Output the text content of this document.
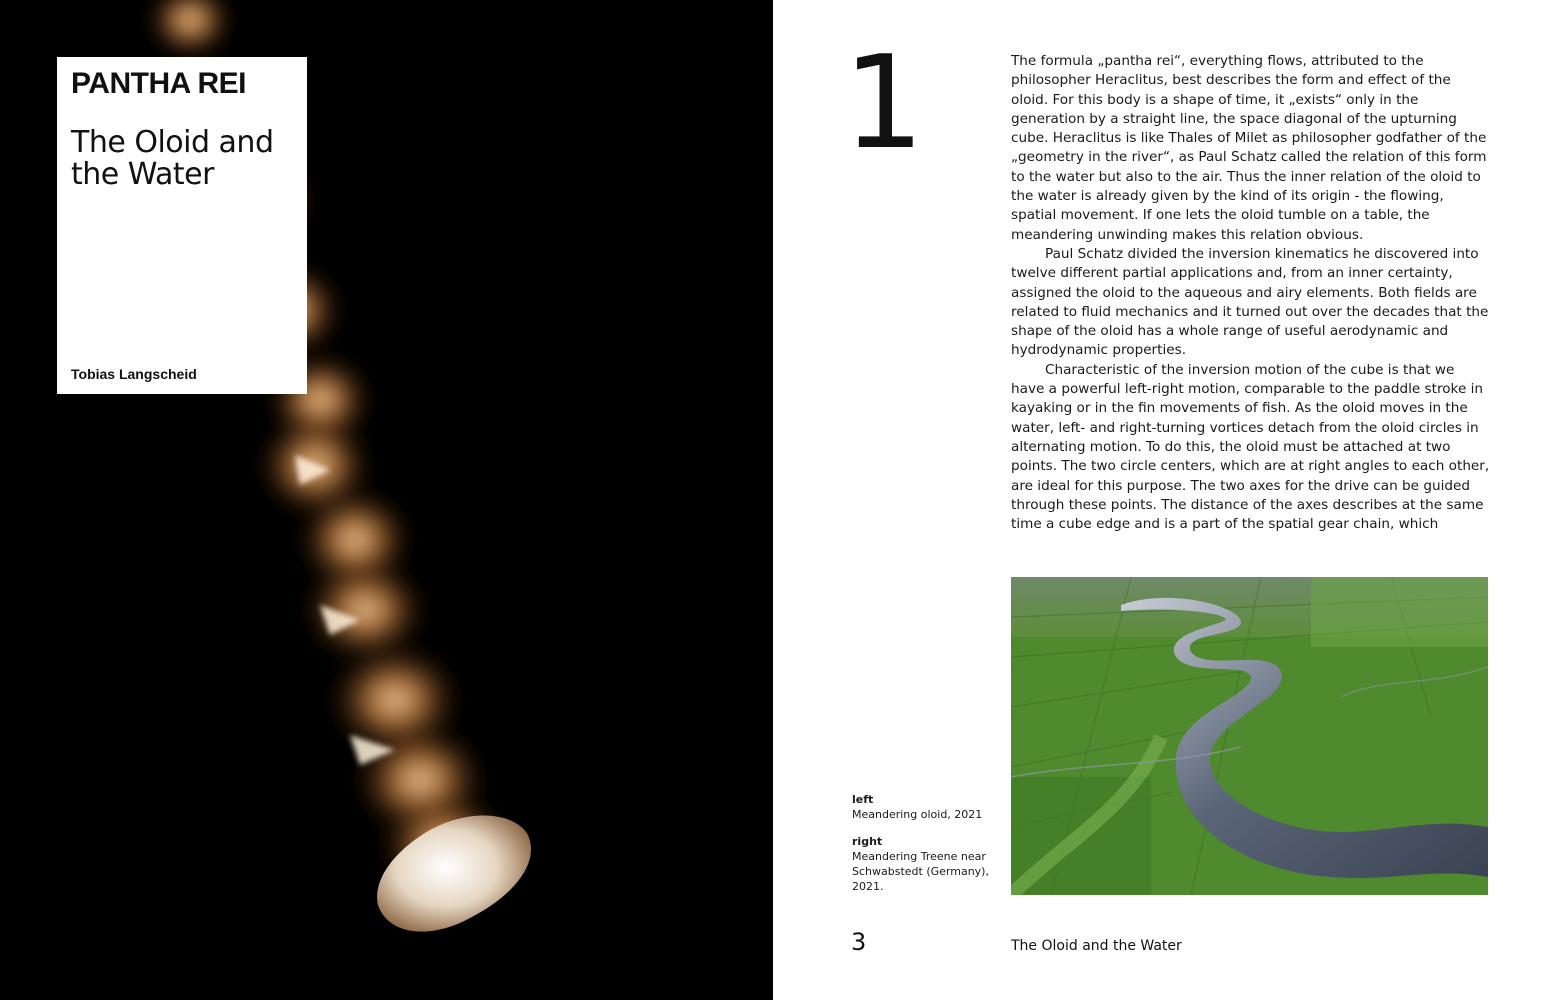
PANTHA REI
The Oloid and
the Water
Tobias Langscheid
1	The formula „pantha rei“, everything flows, attributed to the philosopher Heraclitus, best describes the form and effect of the oloid. For this body is a shape of time, it „exists“ only in the generation by a straight line, the space diagonal of the upturning cube. Heraclitus is like Thales of Milet as philosopher godfather of the „geometry in the river“, as Paul Schatz called the relation of this form to the water but also to the air. Thus the inner relation of the oloid to the water is already given by the kind of its origin - the flowing, spatial movement. If one lets the oloid tumble on a table, the meandering unwinding makes this relation obvious.

Paul Schatz divided the inversion kinematics he discovered into twelve different partial applications and, from an inner certainty, assigned the oloid to the aqueous and airy elements. Both fields are related to fluid mechanics and it turned out over the decades that the shape of the oloid has a whole range of useful aerodynamic and hydrodynamic properties.

Characteristic of the inversion motion of the cube is that we have a powerful left-right motion, comparable to the paddle stroke in kayaking or in the fin movements of fish. As the oloid moves in the water, left- and right-turning vortices detach from the oloid circles in alternating motion. To do this, the oloid must be attached at two points. The two circle centers, which are at right angles to each other, are ideal for this purpose. The two axes for the drive can be guided through these points. The distance of the axes describes at the same time a cube edge and is a part of the spatial gear chain, which

left
Meandering oloid, 2021
right
Meandering Treene near Schwabstedt (Germany), 2021.
3	The Oloid and the Water
